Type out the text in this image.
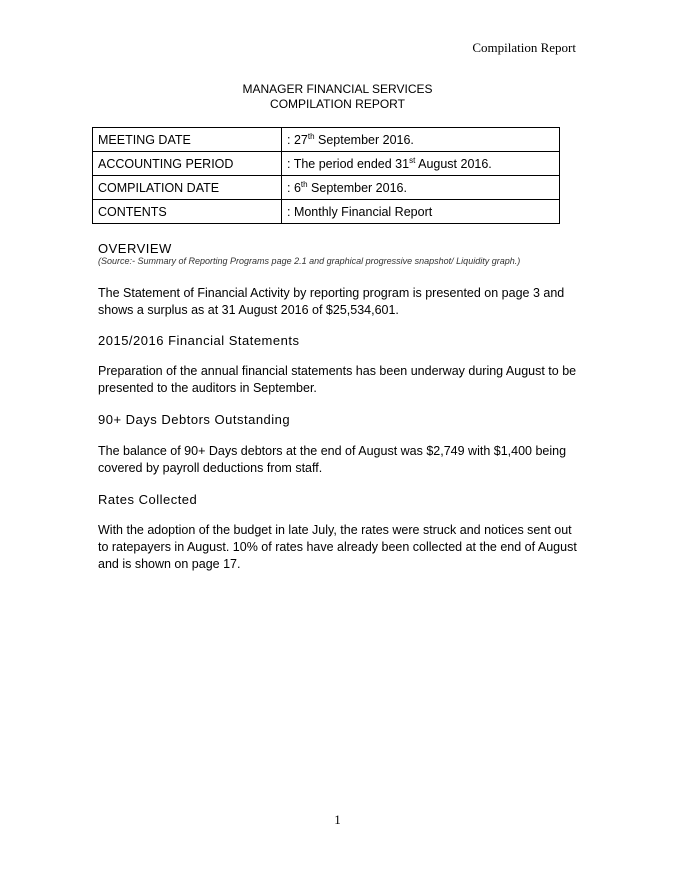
Compilation Report
MANAGER FINANCIAL SERVICES
COMPILATION REPORT
MEETING DATE	: 27th September 2016.
ACCOUNTING PERIOD	: The period ended 31st August 2016.
COMPILATION DATE	: 6th September 2016.
CONTENTS	: Monthly Financial Report
OVERVIEW
(Source:- Summary of Reporting Programs page 2.1 and graphical progressive snapshot/ Liquidity graph.)
The Statement of Financial Activity by reporting program is presented on page 3 and shows a surplus as at 31 August 2016 of $25,534,601.
2015/2016 Financial Statements
Preparation of the annual financial statements has been underway during August to be presented to the auditors in September.
90+ Days Debtors Outstanding
The balance of 90+ Days debtors at the end of August was $2,749 with $1,400 being covered by payroll deductions from staff.
Rates Collected
With the adoption of the budget in late July, the rates were struck and notices sent out to ratepayers in August. 10% of rates have already been collected at the end of August and is shown on page 17.
1
